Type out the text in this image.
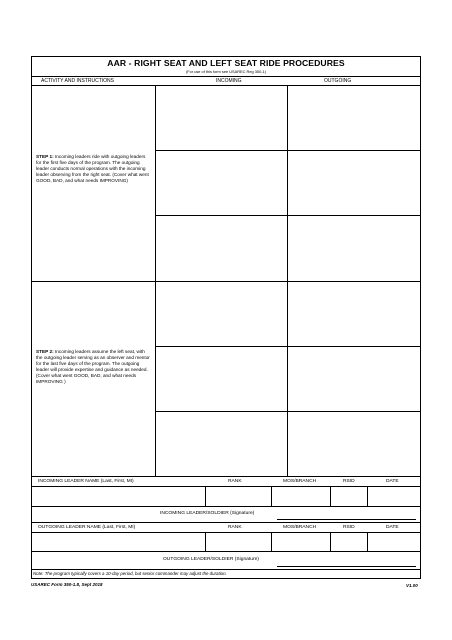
AAR - RIGHT SEAT AND LEFT SEAT RIDE PROCEDURES
(For use of this form see USAREC Reg 350-1)
ACTIVITY AND INSTRUCTIONS	INCOMING	OUTGOING
STEP 1: Incoming leaders ride with outgoing leaders for the first five days of the program. The outgoing leader conducts normal operations with the incoming leader observing from the right seat. (Cover what went GOOD, BAD, and what needs IMPROVING)
STEP 2: Incoming leaders assume the left seat, with the outgoing leader serving as an observer and mentor for the last five days of the program. The outgoing leader will provide expertise and guidance as needed. (Cover what went GOOD, BAD, and what needs IMPROVING )
INCOMING LEADER NAME (Last, First, MI)	RANK	MOS/BRANCH	RSID	DATE
INCOMING LEADER/SOLDIER (Signature)
OUTGOING LEADER NAME (Last, First, MI)	RANK	MOS/BRANCH	RSID	DATE
OUTGOING LEADER/SOLDIER (Signature)
Note: The program typically covers a 10-day period, but senior commander may adjust the duration.
USAREC Form 350-1.8, Sept 2018	V1.00
